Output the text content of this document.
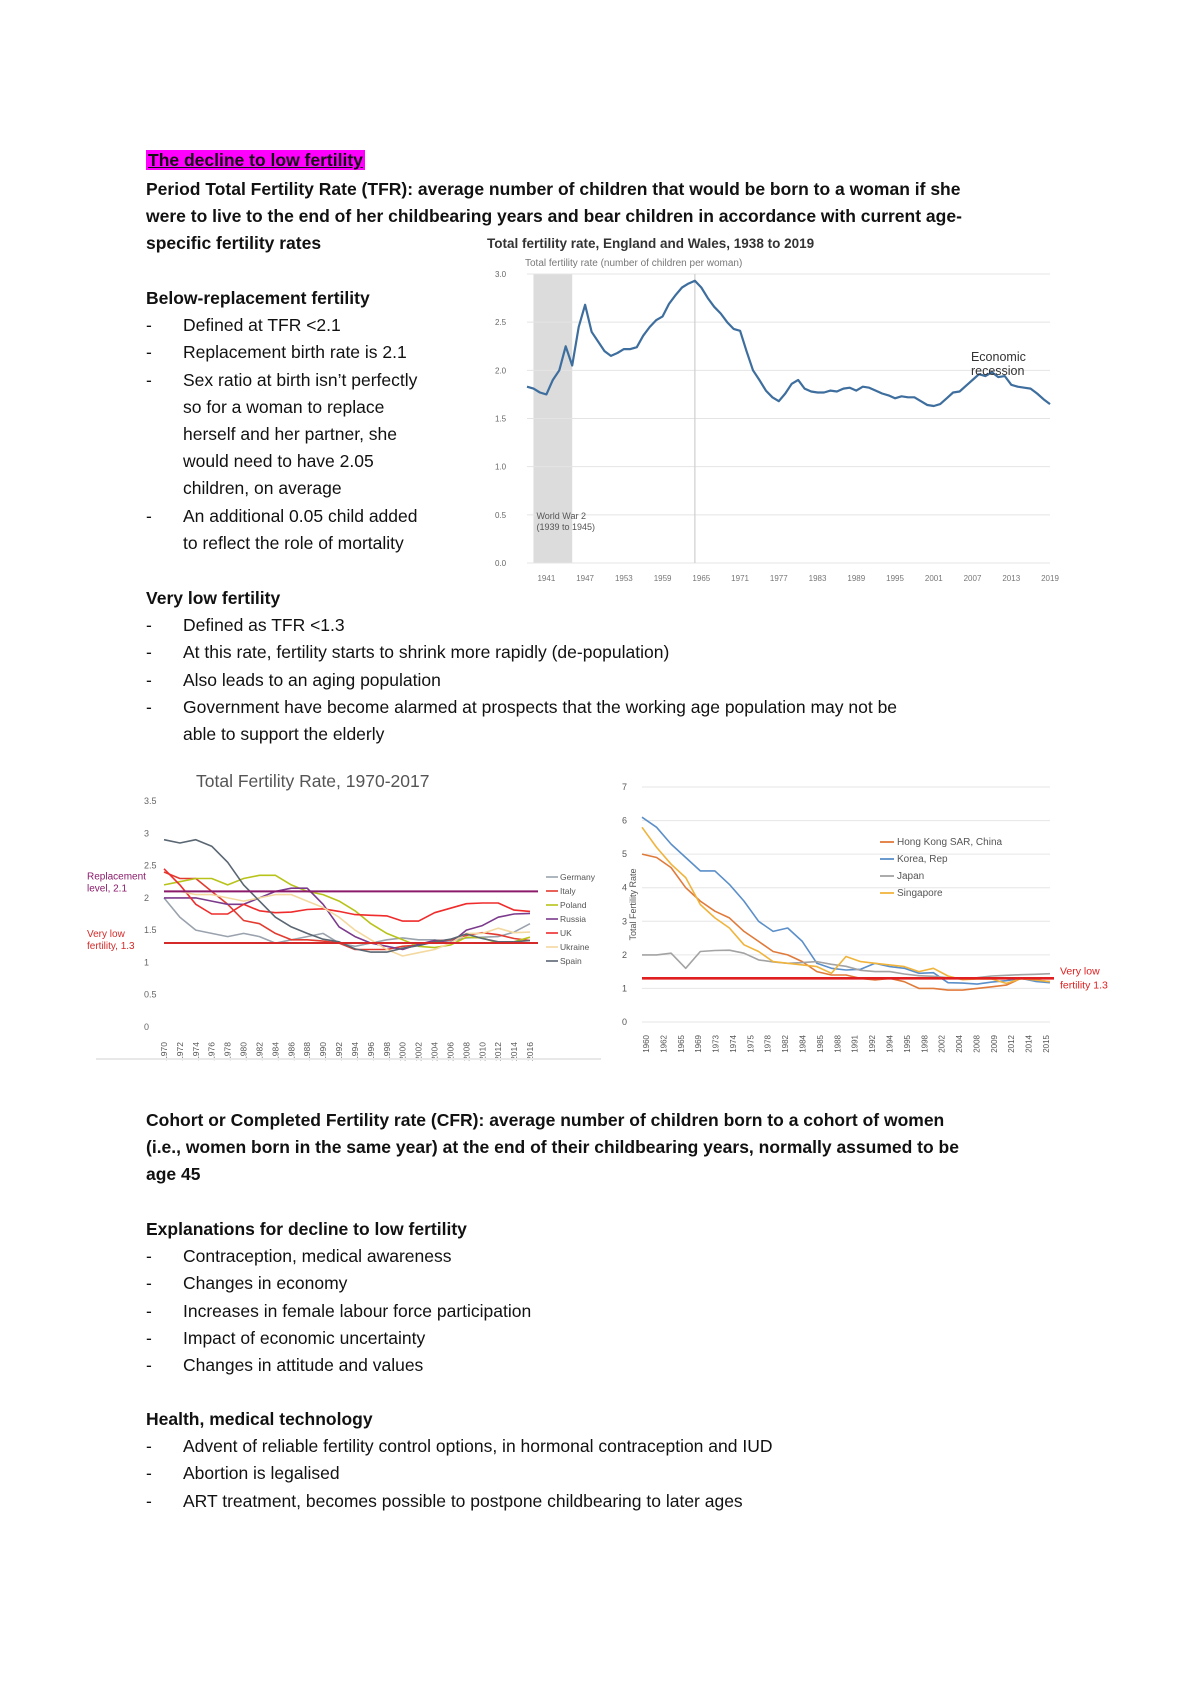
The decline to low fertility
Period Total Fertility Rate (TFR): average number of children that would be born to a woman if she
were to live to the end of her childbearing years and bear children in accordance with current age-
specific fertility rates
Below-replacement fertility
- Defined at TFR <2.1
- Replacement birth rate is 2.1
- Sex ratio at birth isn’t perfectly
so for a woman to replace
herself and her partner, she
would need to have 2.05
children, on average
- An additional 0.05 child added
to reflect the role of mortality
Very low fertility
- Defined as TFR <1.3
- At this rate, fertility starts to shrink more rapidly (de-population)
- Also leads to an aging population
- Government have become alarmed at prospects that the working age population may not be
able to support the elderly
Cohort or Completed Fertility rate (CFR): average number of children born to a cohort of women
(i.e., women born in the same year) at the end of their childbearing years, normally assumed to be
age 45
Explanations for decline to low fertility
- Contraception, medical awareness
- Changes in economy
- Increases in female labour force participation
- Impact of economic uncertainty
- Changes in attitude and values
Health, medical technology
- Advent of reliable fertility control options, in hormonal contraception and IUD
- Abortion is legalised
- ART treatment, becomes possible to postpone childbearing to later ages
Total fertility rate, England and Wales, 1938 to 2019
Total fertility rate (number of children per woman)
0.0
0.5
1.0
1.5
2.0
2.5
3.0
1941	1947	1953	1959	1965	1971	1977	1983	1989	1995	2001	2007	2013	2019
World War 2
(1939 to 1945)
Economic
recession
Total Fertility Rate, 1970-2017
0
0.5
1
1.5
2
2.5
3
3.5
1970 1972 1974 1976 1978 1980 1982 1984 1986 1988 1990 1992 1994 1996 1998 2000 2002 2004 2006 2008 2010 2012 2014 2016
Replacement
level, 2.1
Very low
fertility, 1.3
Germany
Italy
Poland
Russia
UK
Ukraine
Spain
0
1
2
3
4
5
6
7
Total Fertility Rate
1960 1962 1965 1969 1973 1974 1975 1978 1982 1984 1985 1988 1991 1992 1994 1995 1998 2002 2004 2008 2009 2012 2014 2015
Very low
fertility 1.3
Hong Kong SAR, China
Korea, Rep
Japan
Singapore
